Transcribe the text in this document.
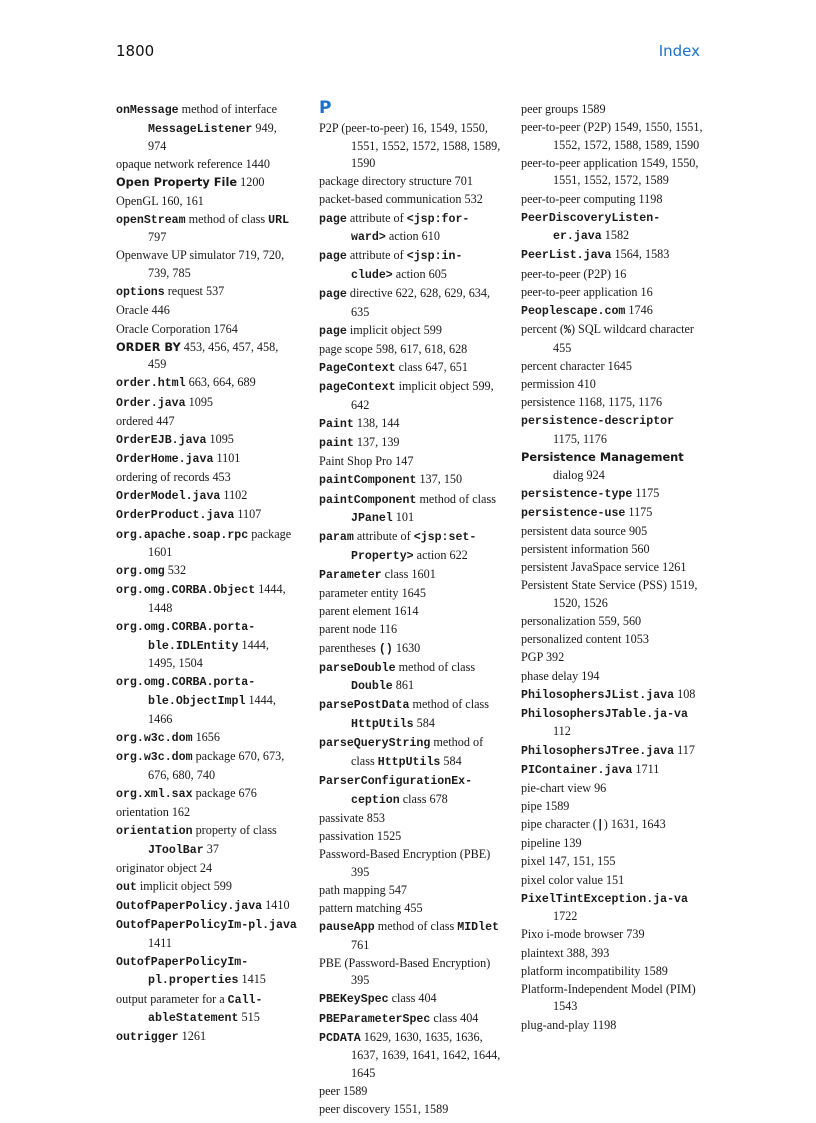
1800	Index
onMessage method of interface MessageListener 949, 974
opaque network reference 1440
Open Property File 1200
OpenGL 160, 161
openStream method of class URL 797
Openwave UP simulator 719, 720, 739, 785
options request 537
Oracle 446
Oracle Corporation 1764
ORDER BY 453, 456, 457, 458, 459
order.html 663, 664, 689
Order.java 1095
ordered 447
OrderEJB.java 1095
OrderHome.java 1101
ordering of records 453
OrderModel.java 1102
OrderProduct.java 1107
org.apache.soap.rpc package 1601
org.omg 532
org.omg.CORBA.Object 1444, 1448
org.omg.CORBA.porta-ble.IDLEntity 1444, 1495, 1504
org.omg.CORBA.porta-ble.ObjectImpl 1444, 1466
org.w3c.dom 1656
org.w3c.dom package 670, 673, 676, 680, 740
org.xml.sax package 676
orientation 162
orientation property of class JToolBar 37
originator object 24
out implicit object 599
OutofPaperPolicy.java 1410
OutofPaperPolicyIm-pl.java 1411
OutofPaperPolicyIm-pl.properties 1415
output parameter for a Call-ableStatement 515
outrigger 1261
P
P2P (peer-to-peer) 16, 1549, 1550, 1551, 1552, 1572, 1588, 1589, 1590
package directory structure 701
packet-based communication 532
page attribute of <jsp:for-ward> action 610
page attribute of <jsp:in-clude> action 605
page directive 622, 628, 629, 634, 635
page implicit object 599
page scope 598, 617, 618, 628
PageContext class 647, 651
pageContext implicit object 599, 642
Paint 138, 144
paint 137, 139
Paint Shop Pro 147
paintComponent 137, 150
paintComponent method of class JPanel 101
param attribute of <jsp:set-Property> action 622
Parameter class 1601
parameter entity 1645
parent element 1614
parent node 116
parentheses () 1630
parseDouble method of class Double 861
parsePostData method of class HttpUtils 584
parseQueryString method of class HttpUtils 584
ParserConfigurationEx-ception class 678
passivate 853
passivation 1525
Password-Based Encryption (PBE) 395
path mapping 547
pattern matching 455
pauseApp method of class MIDlet 761
PBE (Password-Based Encryption) 395
PBEKeySpec class 404
PBEParameterSpec class 404
PCDATA 1629, 1630, 1635, 1636, 1637, 1639, 1641, 1642, 1644, 1645
peer 1589
peer discovery 1551, 1589
peer groups 1589
peer-to-peer (P2P) 1549, 1550, 1551, 1552, 1572, 1588, 1589, 1590
peer-to-peer application 1549, 1550, 1551, 1552, 1572, 1589
peer-to-peer computing 1198
PeerDiscoveryListen-er.java 1582
PeerList.java 1564, 1583
peer-to-peer (P2P) 16
peer-to-peer application 16
Peoplescape.com 1746
percent (%) SQL wildcard character 455
percent character 1645
permission 410
persistence 1168, 1175, 1176
persistence-descriptor 1175, 1176
Persistence Management dialog 924
persistence-type 1175
persistence-use 1175
persistent data source 905
persistent information 560
persistent JavaSpace service 1261
Persistent State Service (PSS) 1519, 1520, 1526
personalization 559, 560
personalized content 1053
PGP 392
phase delay 194
PhilosophersJList.java 108
PhilosophersJTable.ja-va 112
PhilosophersJTree.java 117
PIContainer.java 1711
pie-chart view 96
pipe 1589
pipe character (|) 1631, 1643
pipeline 139
pixel 147, 151, 155
pixel color value 151
PixelTintException.ja-va 1722
Pixo i-mode browser 739
plaintext 388, 393
platform incompatibility 1589
Platform-Independent Model (PIM) 1543
plug-and-play 1198
